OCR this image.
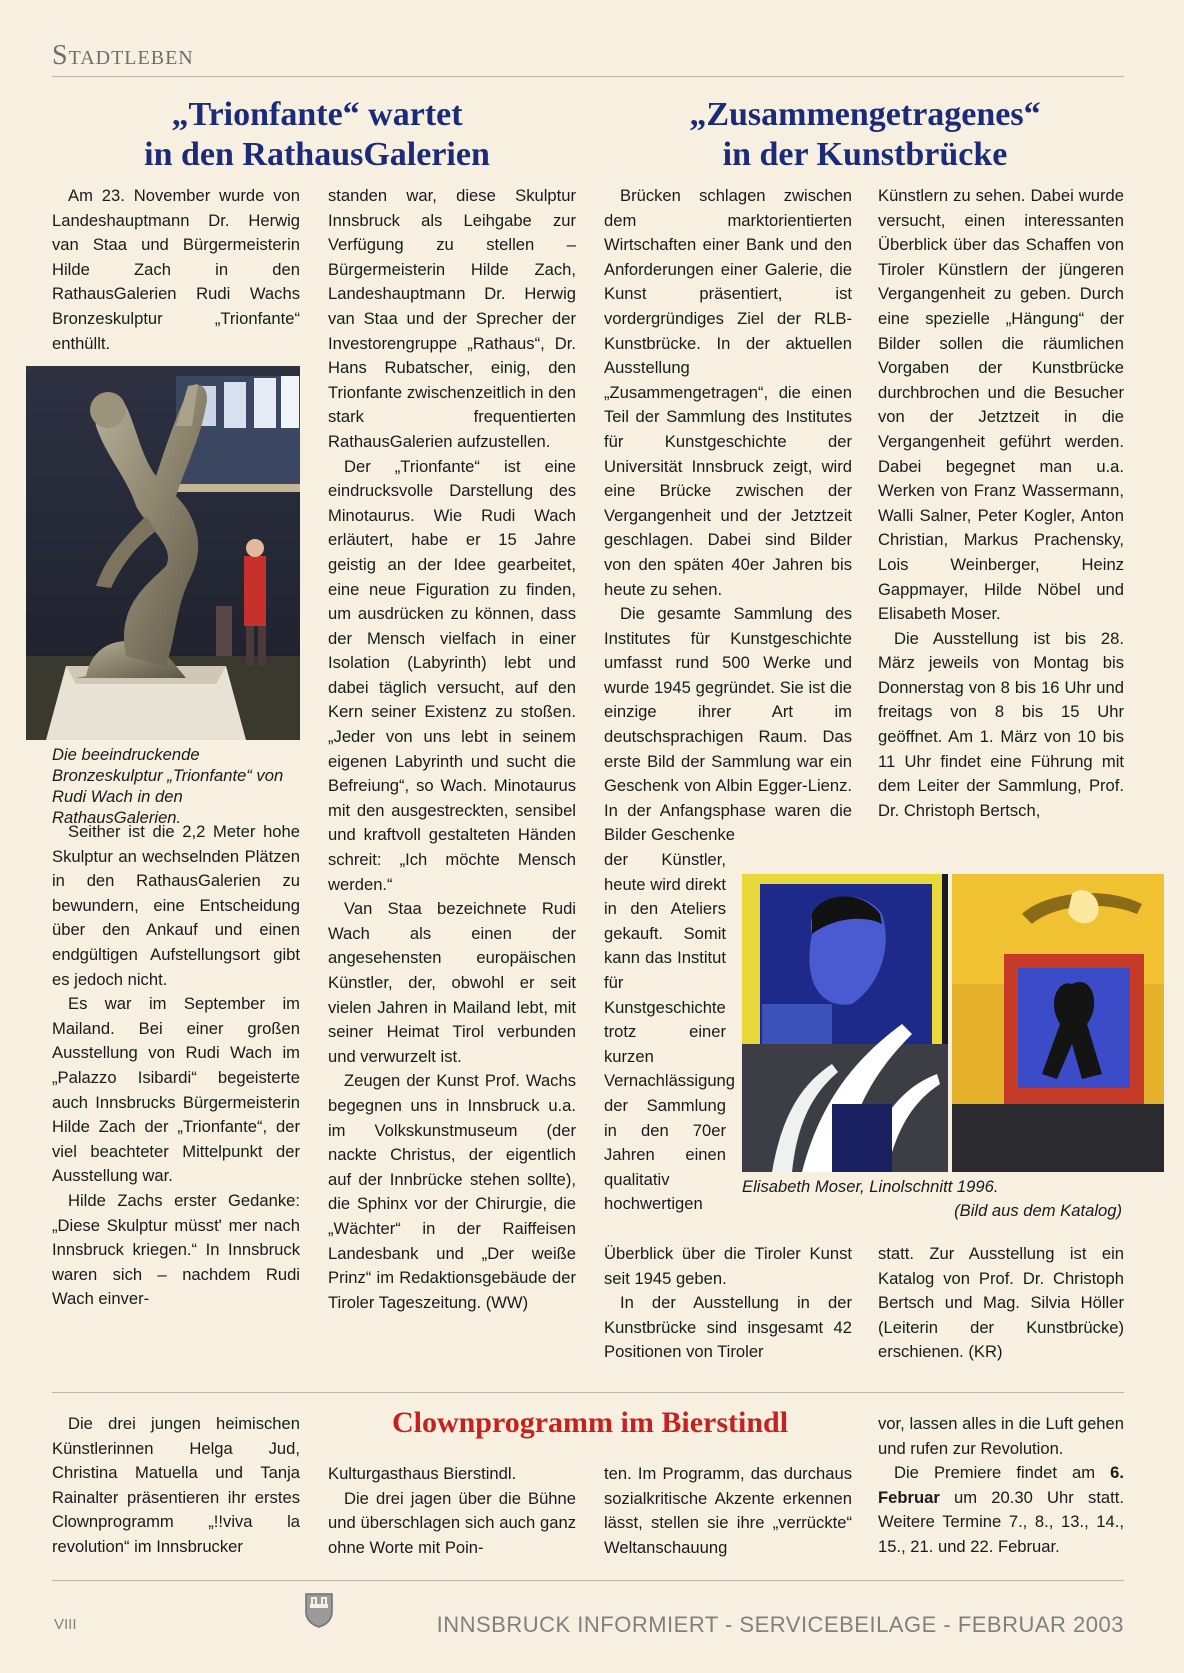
Stadtleben
„Trionfante“ wartet
in den RathausGalerien
„Zusammengetragenes“
in der Kunstbrücke

Am 23. November wurde von Landeshauptmann Dr. Herwig van Staa und Bürgermeisterin Hilde Zach in den RathausGalerien Rudi Wachs Bronzeskulptur „Trionfante“ enthüllt.

Die beeindruckende Bronzeskulptur „Trionfante“ von Rudi Wach in den RathausGalerien.

Seither ist die 2,2 Meter hohe Skulptur an wechselnden Plätzen in den RathausGalerien zu bewundern, eine Entscheidung über den Ankauf und einen endgültigen Aufstellungsort gibt es jedoch nicht.

Es war im September im Mailand. Bei einer großen Ausstellung von Rudi Wach im „Palazzo Isibardi“ begeisterte auch Innsbrucks Bürgermeisterin Hilde Zach der „Trionfante“, der viel beachteter Mittelpunkt der Ausstellung war.

Hilde Zachs erster Gedanke: „Diese Skulptur müsst' mer nach Innsbruck kriegen.“ In Innsbruck waren sich – nachdem Rudi Wach einver-

standen war, diese Skulptur Innsbruck als Leihgabe zur Verfügung zu stellen – Bürgermeisterin Hilde Zach, Landeshauptmann Dr. Herwig van Staa und der Sprecher der Investorengruppe „Rathaus“, Dr. Hans Rubatscher, einig, den Trionfante zwischenzeitlich in den stark frequentierten RathausGalerien aufzustellen.

Der „Trionfante“ ist eine eindrucksvolle Darstellung des Minotaurus. Wie Rudi Wach erläutert, habe er 15 Jahre geistig an der Idee gearbeitet, eine neue Figuration zu finden, um ausdrücken zu können, dass der Mensch vielfach in einer Isolation (Labyrinth) lebt und dabei täglich versucht, auf den Kern seiner Existenz zu stoßen. „Jeder von uns lebt in seinem eigenen Labyrinth und sucht die Befreiung“, so Wach. Minotaurus mit den ausgestreckten, sensibel und kraftvoll gestalteten Händen schreit: „Ich möchte Mensch werden.“

Van Staa bezeichnete Rudi Wach als einen der angesehensten europäischen Künstler, der, obwohl er seit vielen Jahren in Mailand lebt, mit seiner Heimat Tirol verbunden und verwurzelt ist.

Zeugen der Kunst Prof. Wachs begegnen uns in Innsbruck u.a. im Volkskunstmuseum (der nackte Christus, der eigentlich auf der Innbrücke stehen sollte), die Sphinx vor der Chirurgie, die „Wächter“ in der Raiffeisen Landesbank und „Der weiße Prinz“ im Redaktionsgebäude der Tiroler Tageszeitung. (WW)

Brücken schlagen zwischen dem marktorientierten Wirtschaften einer Bank und den Anforderungen einer Galerie, die Kunst präsentiert, ist vordergründiges Ziel der RLB-Kunstbrücke. In der aktuellen Ausstellung „Zusammengetragen“, die einen Teil der Sammlung des Institutes für Kunstgeschichte der Universität Innsbruck zeigt, wird eine Brücke zwischen der Vergangenheit und der Jetztzeit geschlagen. Dabei sind Bilder von den späten 40er Jahren bis heute zu sehen.

Die gesamte Sammlung des Institutes für Kunstgeschichte umfasst rund 500 Werke und wurde 1945 gegründet. Sie ist die einzige ihrer Art im deutschsprachigen Raum. Das erste Bild der Sammlung war ein Geschenk von Albin Egger-Lienz. In der Anfangsphase waren die Bilder Geschenke

der Künstler, heute wird direkt in den Ateliers gekauft. Somit kann das Institut für Kunstgeschichte trotz einer kurzen Vernachlässigung der Sammlung in den 70er Jahren einen qualitativ hochwertigen

Überblick über die Tiroler Kunst seit 1945 geben.

In der Ausstellung in der Kunstbrücke sind insgesamt 42 Positionen von Tiroler

Künstlern zu sehen. Dabei wurde versucht, einen interessanten Überblick über das Schaffen von Tiroler Künstlern der jüngeren Vergangenheit zu geben. Durch eine spezielle „Hängung“ der Bilder sollen die räumlichen Vorgaben der Kunstbrücke durchbrochen und die Besucher von der Jetztzeit in die Vergangenheit geführt werden. Dabei begegnet man u.a. Werken von Franz Wassermann, Walli Salner, Peter Kogler, Anton Christian, Markus Prachensky, Lois Weinberger, Heinz Gappmayer, Hilde Nöbel und Elisabeth Moser.

Die Ausstellung ist bis 28. März jeweils von Montag bis Donnerstag von 8 bis 16 Uhr und freitags von 8 bis 15 Uhr geöffnet. Am 1. März von 10 bis 11 Uhr findet eine Führung mit dem Leiter der Sammlung, Prof. Dr. Christoph Bertsch,

statt. Zur Ausstellung ist ein Katalog von Prof. Dr. Christoph Bertsch und Mag. Silvia Höller (Leiterin der Kunstbrücke) erschienen. (KR)

Elisabeth Moser, Linolschnitt 1996.
(Bild aus dem Katalog)
Clownprogramm im Bierstindl

Die drei jungen heimischen Künstlerinnen Helga Jud, Christina Matuella und Tanja Rainalter präsentieren ihr erstes Clownprogramm „!!viva la revolution“ im Innsbrucker

Kulturgasthaus Bierstindl.

Die drei jagen über die Bühne und überschlagen sich auch ganz ohne Worte mit Poin-

ten. Im Programm, das durchaus sozialkritische Akzente erkennen lässt, stellen sie ihre „verrückte“ Weltanschauung

vor, lassen alles in die Luft gehen und rufen zur Revolution.

Die Premiere findet am 6. Februar um 20.30 Uhr statt. Weitere Termine 7., 8., 13., 14., 15., 21. und 22. Februar.

VIII	INNSBRUCK INFORMIERT - SERVICEBEILAGE - FEBRUAR 2003
